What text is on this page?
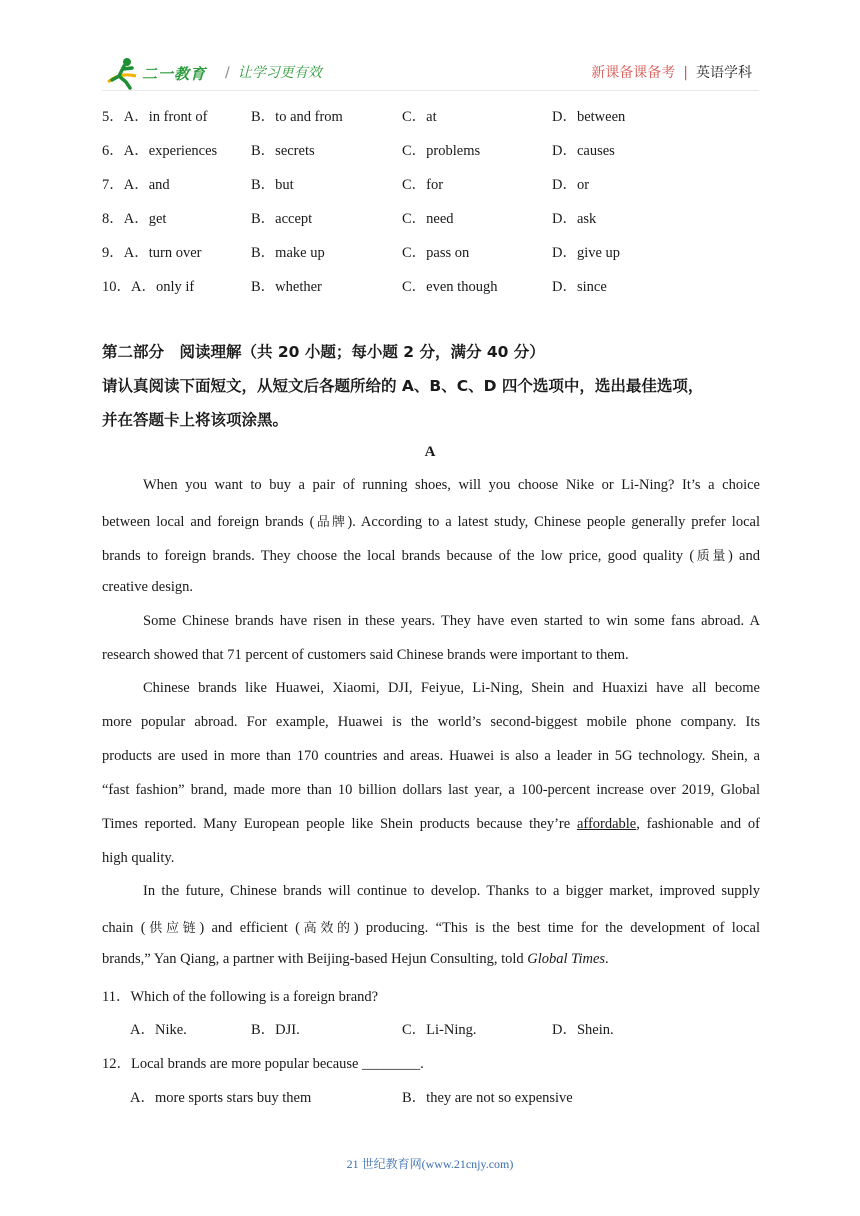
二一教育 / 让学习更有效	新课备课备考 | 英语学科
5．A．in front of	B．to and from	C．at	D．between
6．A．experiences B．secrets	C．problems	D．causes
7．A．and	B．but	C．for	D．or
8．A．get	B．accept	C．need	D．ask
9．A．turn over	B．make up	C．pass on	D．give up
10．A．only if	B．whether	C．even though	D．since
第二部分　阅读理解（共 20 小题；每小题 2 分，满分 40 分）
请认真阅读下面短文，从短文后各题所给的 A、B、C、D 四个选项中，选出最佳选项，
并在答题卡上将该项涂黑。
A
When you want to buy a pair of running shoes, will you choose Nike or Li-Ning? It’s a choice
between local and foreign brands (品牌). According to a latest study, Chinese people generally prefer local
brands to foreign brands. They choose the local brands because of the low price, good quality (质量) and
creative design.
Some Chinese brands have risen in these years. They have even started to win some fans abroad. A
research showed that 71 percent of customers said Chinese brands were important to them.
Chinese brands like Huawei, Xiaomi, DJI, Feiyue, Li-Ning, Shein and Huaxizi have all become
more popular abroad. For example, Huawei is the world’s second-biggest mobile phone company. Its
products are used in more than 170 countries and areas. Huawei is also a leader in 5G technology. Shein, a
“fast fashion” brand, made more than 10 billion dollars last year, a 100-percent increase over 2019, Global
Times reported. Many European people like Shein products because they’re affordable, fashionable and of
high quality.
In the future, Chinese brands will continue to develop. Thanks to a bigger market, improved supply
chain (供应链) and efficient (高效的) producing. “This is the best time for the development of local
brands,” Yan Qiang, a partner with Beijing-based Hejun Consulting, told Global Times.
11．Which of the following is a foreign brand?
A．Nike.	B．DJI.	C．Li-Ning.	D．Shein.
12．Local brands are more popular because ________.
A．more sports stars buy them	B．they are not so expensive
21 世纪教育网(www.21cnjy.com)
